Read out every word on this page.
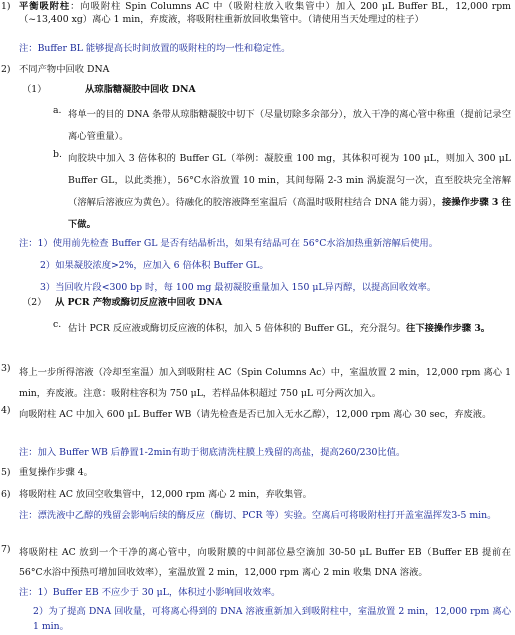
1) 平衡吸附柱：向吸附柱 Spin Columns AC 中（吸附柱放入收集管中）加入 200 μL Buffer BL，12,000 rpm（~13,400 xg）离心 1 min，弃废液，将吸附柱重新放回收集管中。（请使用当天处理过的柱子）
注：Buffer BL 能够提高长时间放置的吸附柱的均一性和稳定性。
2) 不同产物中回收 DNA
（1）	从琼脂糖凝胶中回收 DNA
a. 将单一的目的 DNA 条带从琼脂糖凝胶中切下（尽量切除多余部分），放入干净的离心管中称重（提前记录空离心管重量）。
b. 向胶块中加入 3 倍体积的 Buffer GL（举例：凝胶重 100 mg，其体积可视为 100 μL，则加入 300 μL Buffer GL，以此类推），56°C水浴放置 10 min，其间每隔 2-3 min 涡旋混匀一次，直至胶块完全溶解（溶解后溶液应为黄色）。待融化的胶溶液降至室温后（高温时吸附柱结合 DNA 能力弱），接操作步骤 3 往下做。
注：1）使用前先检查 Buffer GL 是否有结晶析出，如果有结晶可在 56°C水浴加热重新溶解后使用。
2）如果凝胶浓度>2%，应加入 6 倍体积 Buffer GL。
3）当回收片段<300 bp 时，每 100 mg 最初凝胶重量加入 150 μL异丙醇，以提高回收效率。
（2） 从 PCR 产物或酶切反应液中回收 DNA
c. 估计 PCR 反应液或酶切反应液的体积，加入 5 倍体积的 Buffer GL，充分混匀。往下接操作步骤 3。
3) 将上一步所得溶液（冷却至室温）加入到吸附柱 AC（Spin Columns Ac）中，室温放置 2 min，12,000 rpm 离心 1 min，弃废液。注意：吸附柱容积为 750 μL，若样品体积超过 750 μL 可分两次加入。
4) 向吸附柱 AC 中加入 600 μL Buffer WB（请先检查是否已加入无水乙醇），12,000 rpm 离心 30 sec，弃废液。
注：加入 Buffer WB 后静置1-2min有助于彻底清洗柱膜上残留的高盐，提高260/230比值。
5) 重复操作步骤 4。
6) 将吸附柱 AC 放回空收集管中，12,000 rpm 离心 2 min，弃收集管。
注：漂洗液中乙醇的残留会影响后续的酶反应（酶切、PCR 等）实验。空离后可将吸附柱打开盖室温挥发3-5 min。
7) 将吸附柱 AC 放到一个干净的离心管中，向吸附膜的中间部位悬空滴加 30-50 μL Buffer EB（Buffer EB 提前在 56°C水浴中预热可增加回收效率），室温放置 2 min，12,000 rpm 离心 2 min 收集 DNA 溶液。
注：1）Buffer EB 不应少于 30 μL，体积过小影响回收效率。
2）为了提高 DNA 回收量，可将离心得到的 DNA 溶液重新加入到吸附柱中，室温放置 2 min，12,000 rpm 离心 1 min。
